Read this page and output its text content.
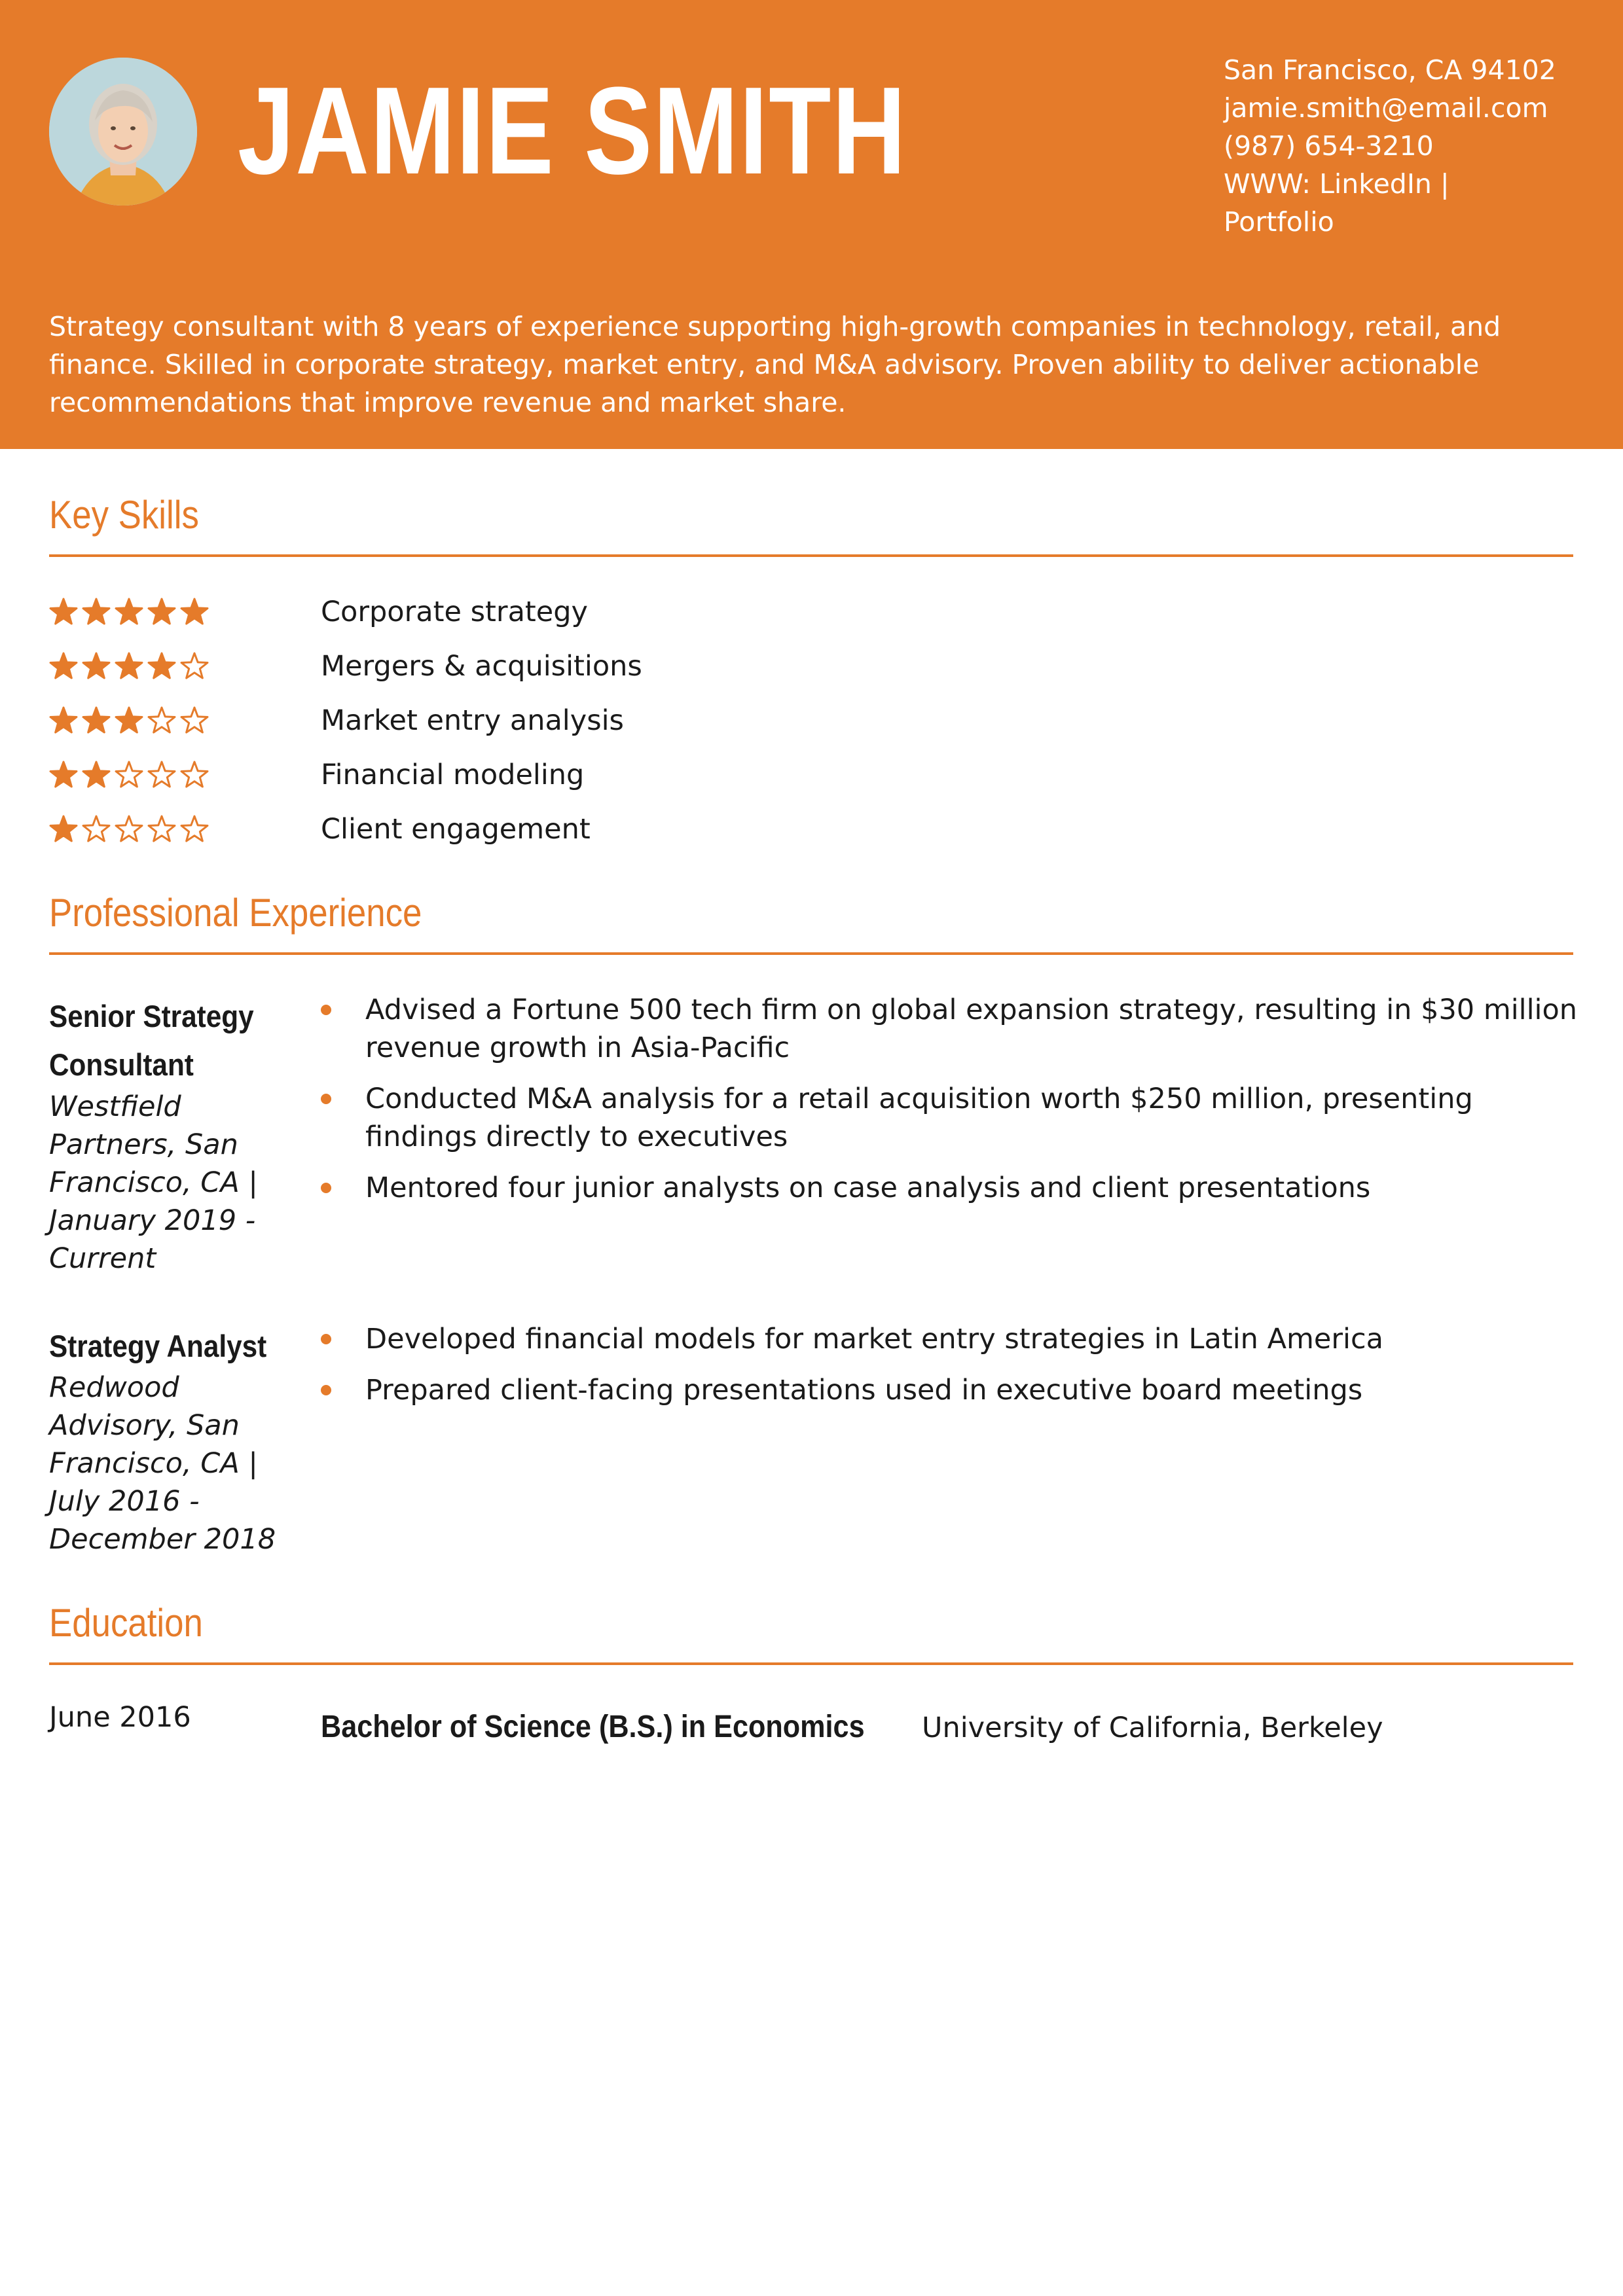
JAMIE SMITH	San Francisco, CA 94102
jamie.smith@email.com
(987) 654-3210
WWW: LinkedIn |
Portfolio
Strategy consultant with 8 years of experience supporting high-growth companies in technology, retail, and finance. Skilled in corporate strategy, market entry, and M&A advisory. Proven ability to deliver actionable recommendations that improve revenue and market share.
Key Skills
Corporate strategy
Mergers & acquisitions
Market entry analysis
Financial modeling
Client engagement
Professional Experience
Senior Strategy
Consultant
Westfield
Partners, San
Francisco, CA |
January 2019 -
Current
Advised a Fortune 500 tech firm on global expansion strategy, resulting in $30 million revenue growth in Asia-Pacific
Conducted M&A analysis for a retail acquisition worth $250 million, presenting findings directly to executives
Mentored four junior analysts on case analysis and client presentations
Strategy Analyst
Redwood
Advisory, San
Francisco, CA |
July 2016 -
December 2018
Developed financial models for market entry strategies in Latin America
Prepared client-facing presentations used in executive board meetings
Education
June 2016	Bachelor of Science (B.S.) in Economics University of California, Berkeley
